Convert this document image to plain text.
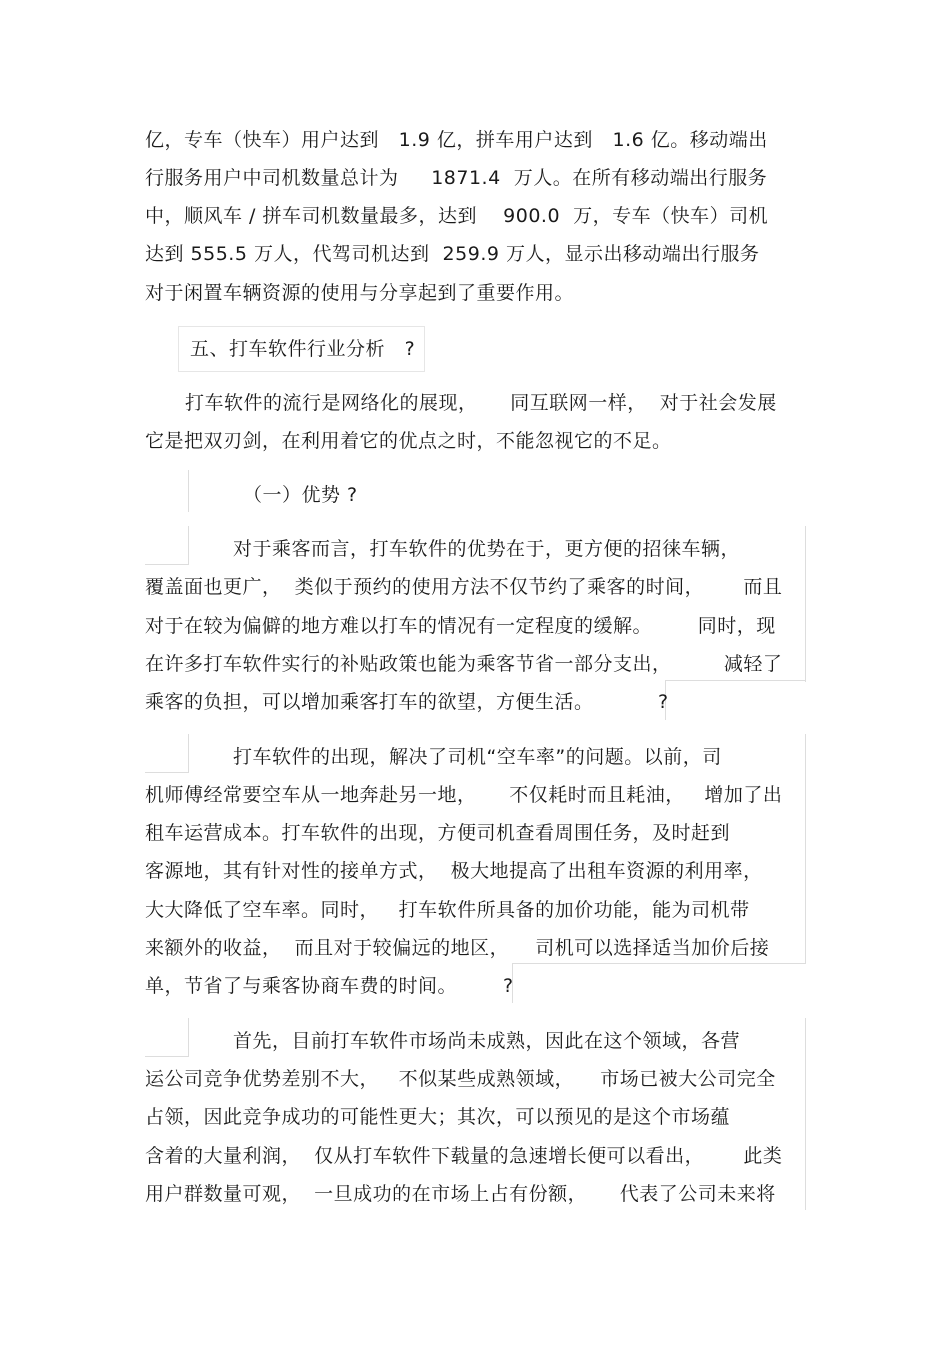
亿，专车（快车）用户达到   1.9 亿，拼车用户达到   1.6 亿。移动端出
行服务用户中司机数量总计为     1871.4  万人。在所有移动端出行服务
中，顺风车 / 拼车司机数量最多，达到    900.0  万，专车（快车）司机
达到 555.5 万人，代驾司机达到  259.9 万人，显示出移动端出行服务
对于闲置车辆资源的使用与分享起到了重要作用。
五、打车软件行业分析   ?
打车软件的流行是网络化的展现，     同互联网一样，  对于社会发展
它是把双刃剑，在利用着它的优点之时，不能忽视它的不足。
（一）优势 ?
对于乘客而言，打车软件的优势在于，更方便的招徕车辆，
覆盖面也更广，  类似于预约的使用方法不仅节约了乘客的时间，      而且
对于在较为偏僻的地方难以打车的情况有一定程度的缓解。       同时，现
在许多打车软件实行的补贴政策也能为乘客节省一部分支出，        减轻了
乘客的负担，可以增加乘客打车的欲望，方便生活。	?
打车软件的出现，解决了司机“空车率”的问题。以前，司
机师傅经常要空车从一地奔赴另一地，     不仅耗时而且耗油，   增加了出
租车运营成本。打车软件的出现，方便司机查看周围任务，及时赶到
客源地，其有针对性的接单方式，  极大地提高了出租车资源的利用率，
大大降低了空车率。同时，   打车软件所具备的加价功能，能为司机带
来额外的收益，  而且对于较偏远的地区，    司机可以选择适当加价后接
单，节省了与乘客协商车费的时间。 ?
首先，目前打车软件市场尚未成熟，因此在这个领域，各营
运公司竞争优势差别不大，   不似某些成熟领域，    市场已被大公司完全
占领，因此竞争成功的可能性更大；其次，可以预见的是这个市场蕴
含着的大量利润，  仅从打车软件下载量的急速增长便可以看出，      此类
用户群数量可观，  一旦成功的在市场上占有份额，     代表了公司未来将
